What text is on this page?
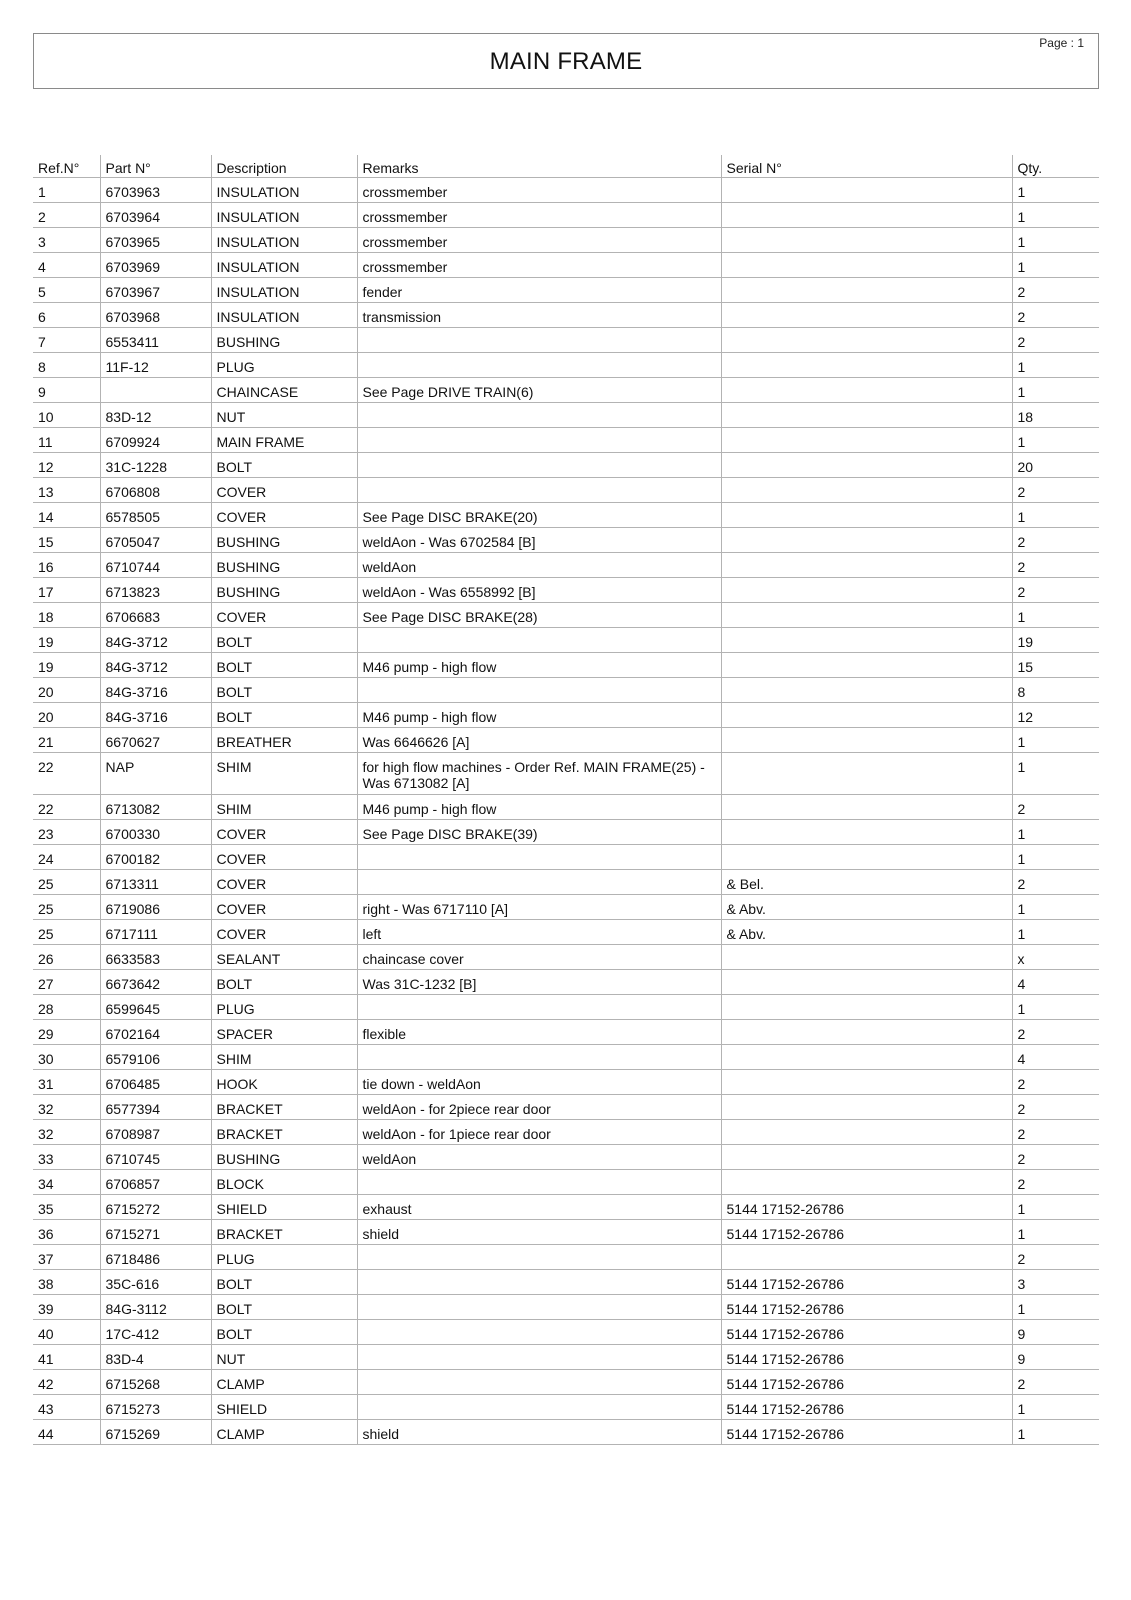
Page : 1
MAIN FRAME
Ref.N°	Part N°	Description	Remarks	Serial N°	Qty.
1	6703963	INSULATION	crossmember		1
2	6703964	INSULATION	crossmember		1
3	6703965	INSULATION	crossmember		1
4	6703969	INSULATION	crossmember		1
5	6703967	INSULATION	fender		2
6	6703968	INSULATION	transmission		2
7	6553411	BUSHING			2
8	11F-12	PLUG			1
9		CHAINCASE	See Page DRIVE TRAIN(6)		1
10	83D-12	NUT			18
11	6709924	MAIN FRAME			1
12	31C-1228	BOLT			20
13	6706808	COVER			2
14	6578505	COVER	See Page DISC BRAKE(20)		1
15	6705047	BUSHING	weldAon - Was 6702584 [B]		2
16	6710744	BUSHING	weldAon		2
17	6713823	BUSHING	weldAon - Was 6558992 [B]		2
18	6706683	COVER	See Page DISC BRAKE(28)		1
19	84G-3712	BOLT			19
19	84G-3712	BOLT	M46 pump - high flow		15
20	84G-3716	BOLT			8
20	84G-3716	BOLT	M46 pump - high flow		12
21	6670627	BREATHER	Was 6646626 [A]		1
22	NAP	SHIM	for high flow machines - Order Ref. MAIN FRAME(25) - Was 6713082 [A]		1
22	6713082	SHIM	M46 pump - high flow		2
23	6700330	COVER	See Page DISC BRAKE(39)		1
24	6700182	COVER			1
25	6713311	COVER		& Bel.	2
25	6719086	COVER	right - Was 6717110 [A]	& Abv.	1
25	6717111	COVER	left	& Abv.	1
26	6633583	SEALANT	chaincase cover		x
27	6673642	BOLT	Was 31C-1232 [B]		4
28	6599645	PLUG			1
29	6702164	SPACER	flexible		2
30	6579106	SHIM			4
31	6706485	HOOK	tie down - weldAon		2
32	6577394	BRACKET	weldAon - for 2piece rear door		2
32	6708987	BRACKET	weldAon - for 1piece rear door		2
33	6710745	BUSHING	weldAon		2
34	6706857	BLOCK			2
35	6715272	SHIELD	exhaust	5144 17152-26786	1
36	6715271	BRACKET	shield	5144 17152-26786	1
37	6718486	PLUG			2
38	35C-616	BOLT		5144 17152-26786	3
39	84G-3112	BOLT		5144 17152-26786	1
40	17C-412	BOLT		5144 17152-26786	9
41	83D-4	NUT		5144 17152-26786	9
42	6715268	CLAMP		5144 17152-26786	2
43	6715273	SHIELD		5144 17152-26786	1
44	6715269	CLAMP	shield	5144 17152-26786	1
